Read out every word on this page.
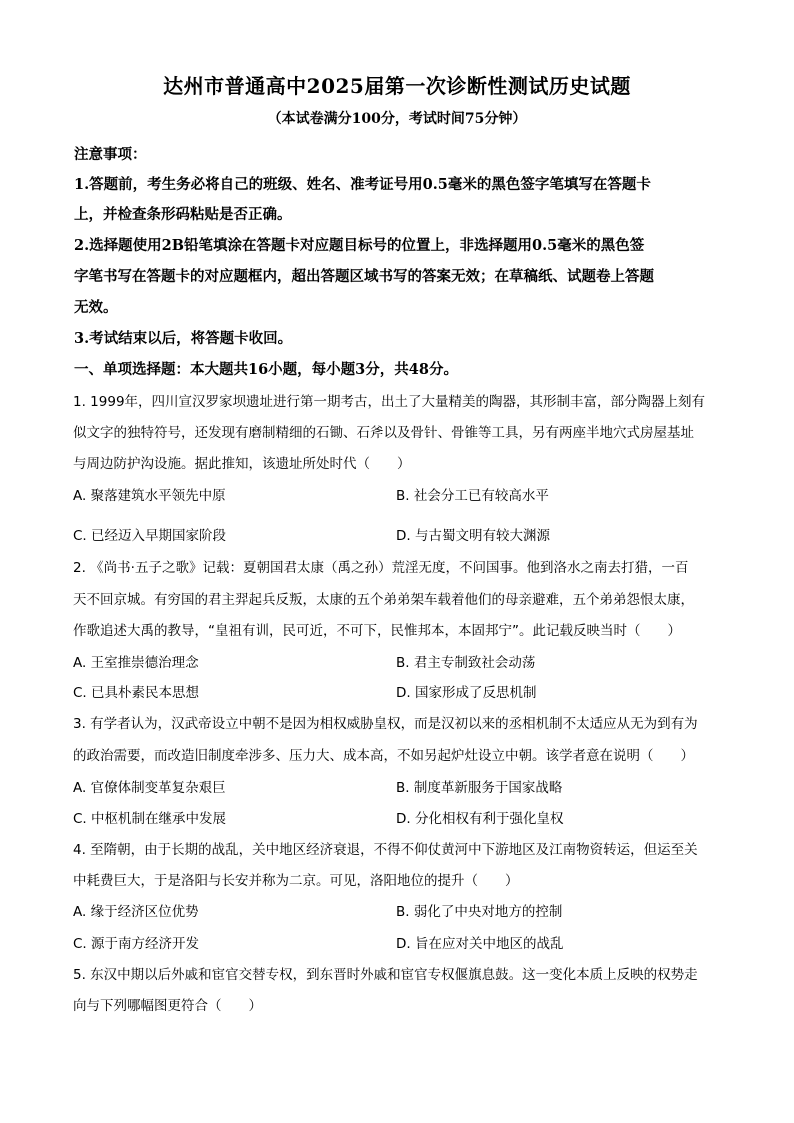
达州市普通高中2025届第一次诊断性测试历史试题
（本试卷满分100分，考试时间75分钟）
注意事项：
1.答题前，考生务必将自己的班级、姓名、准考证号用0.5毫米的黑色签字笔填写在答题卡
上，并检查条形码粘贴是否正确。
2.选择题使用2B铅笔填涂在答题卡对应题目标号的位置上，非选择题用0.5毫米的黑色签
字笔书写在答题卡的对应题框内，超出答题区域书写的答案无效；在草稿纸、试题卷上答题
无效。
3.考试结束以后，将答题卡收回。
一、单项选择题：本大题共16小题，每小题3分，共48分。
1. 1999年，四川宣汉罗家坝遗址进行第一期考古，出土了大量精美的陶器，其形制丰富，部分陶器上刻有
似文字的独特符号，还发现有磨制精细的石锄、石斧以及骨针、骨锥等工具，另有两座半地穴式房屋基址
与周边防护沟设施。据此推知，该遗址所处时代（　　）
A. 聚落建筑水平领先中原	B. 社会分工已有较高水平
C. 已经迈入早期国家阶段	D. 与古蜀文明有较大渊源
2. 《尚书·五子之歌》记载：夏朝国君太康（禹之孙）荒淫无度，不问国事。他到洛水之南去打猎，一百
天不回京城。有穷国的君主羿起兵反叛，太康的五个弟弟架车载着他们的母亲避难，五个弟弟怨恨太康，
作歌追述大禹的教导，“皇祖有训，民可近，不可下，民惟邦本，本固邦宁”。此记载反映当时（　　）
A. 王室推崇德治理念	B. 君主专制致社会动荡
C. 已具朴素民本思想	D. 国家形成了反思机制
3. 有学者认为，汉武帝设立中朝不是因为相权威胁皇权，而是汉初以来的丞相机制不太适应从无为到有为
的政治需要，而改造旧制度牵涉多、压力大、成本高，不如另起炉灶设立中朝。该学者意在说明（　　）
A. 官僚体制变革复杂艰巨	B. 制度革新服务于国家战略
C. 中枢机制在继承中发展	D. 分化相权有利于强化皇权
4. 至隋朝，由于长期的战乱，关中地区经济衰退，不得不仰仗黄河中下游地区及江南物资转运，但运至关
中耗费巨大，于是洛阳与长安并称为二京。可见，洛阳地位的提升（　　）
A. 缘于经济区位优势	B. 弱化了中央对地方的控制
C. 源于南方经济开发	D. 旨在应对关中地区的战乱
5. 东汉中期以后外戚和宦官交替专权，到东晋时外戚和宦官专权偃旗息鼓。这一变化本质上反映的权势走
向与下列哪幅图更符合（　　）
